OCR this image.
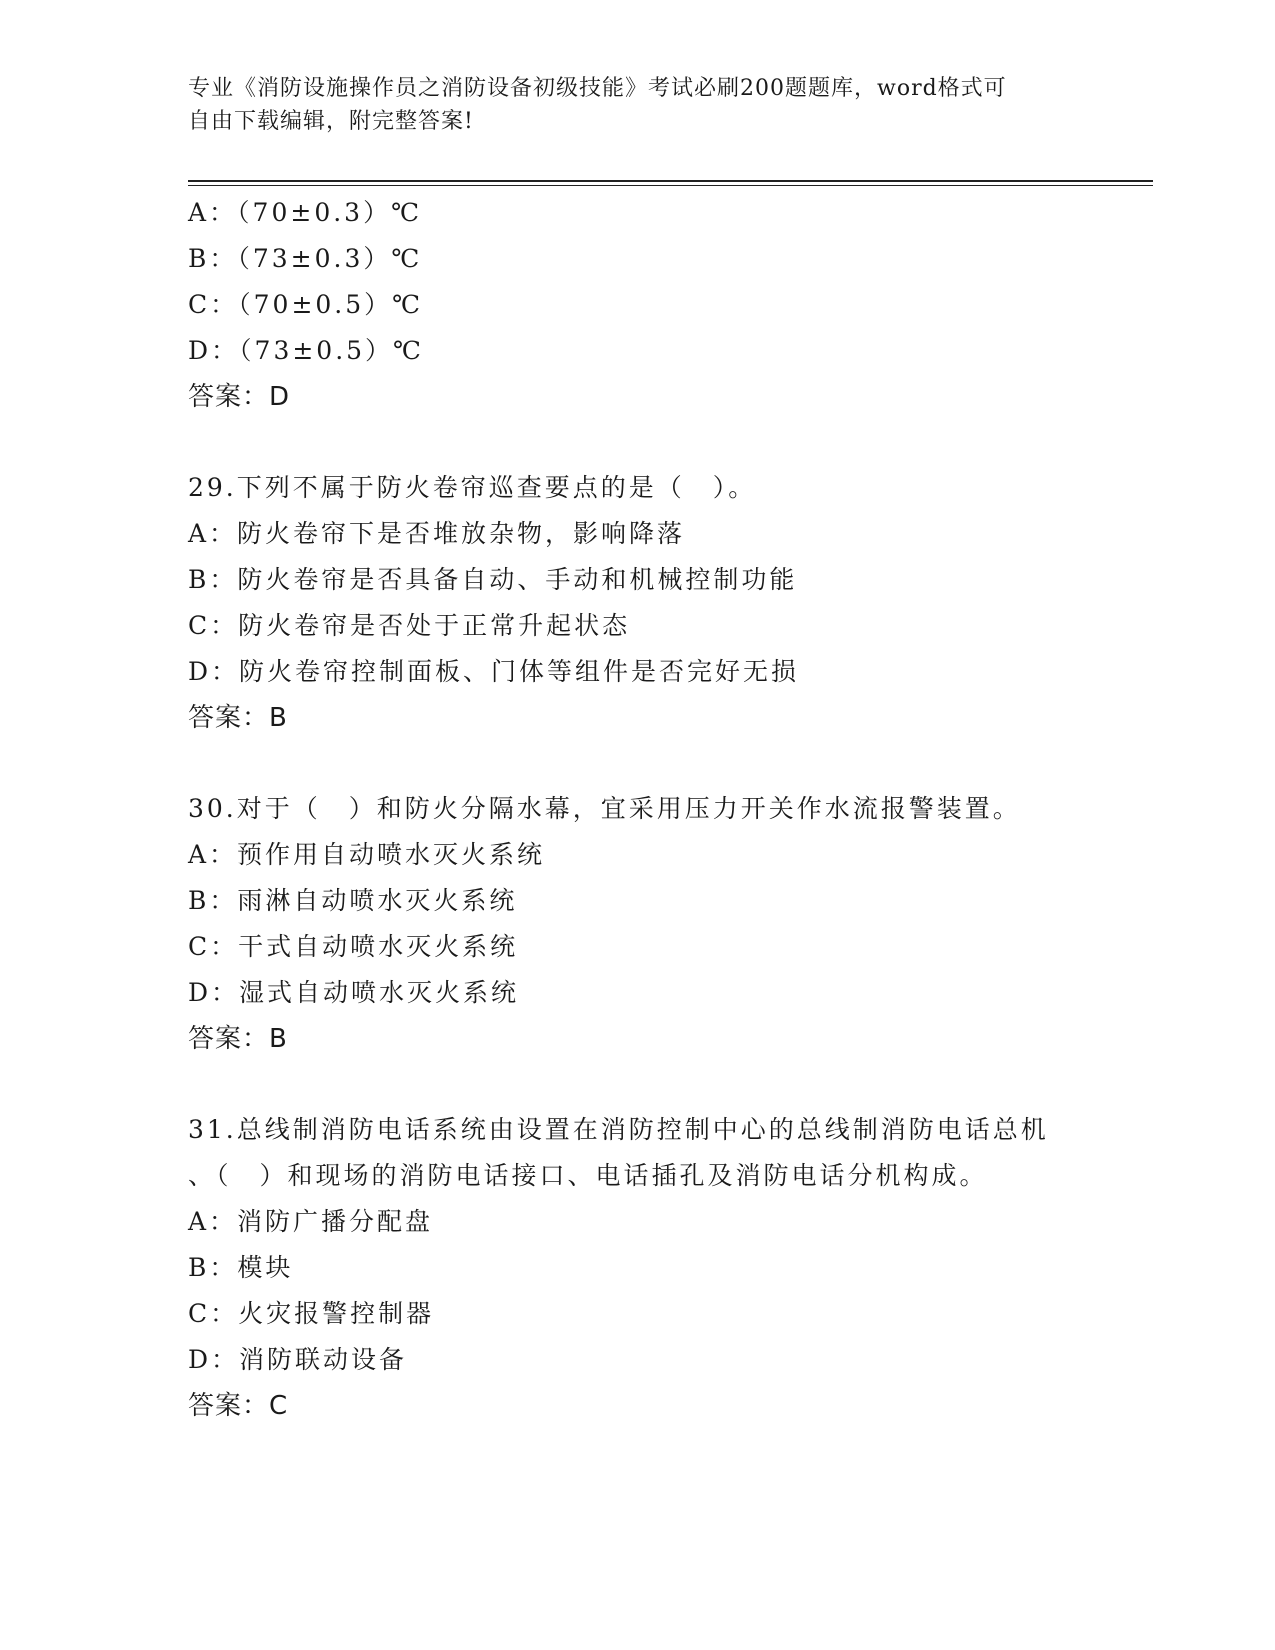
专业《消防设施操作员之消防设备初级技能》考试必刷200题题库，word格式可
自由下载编辑，附完整答案!
A：（70±0.3）℃
B：（73±0.3）℃
C：（70±0.5）℃
D：（73±0.5）℃
答案：D
29.下列不属于防火卷帘巡查要点的是（　）。
A：防火卷帘下是否堆放杂物，影响降落
B：防火卷帘是否具备自动、手动和机械控制功能
C：防火卷帘是否处于正常升起状态
D：防火卷帘控制面板、门体等组件是否完好无损
答案：B
30.对于（　）和防火分隔水幕，宜采用压力开关作水流报警装置。
A：预作用自动喷水灭火系统
B：雨淋自动喷水灭火系统
C：干式自动喷水灭火系统
D：湿式自动喷水灭火系统
答案：B
31.总线制消防电话系统由设置在消防控制中心的总线制消防电话总机
、（　）和现场的消防电话接口、电话插孔及消防电话分机构成。
A：消防广播分配盘
B：模块
C：火灾报警控制器
D：消防联动设备
答案：C
